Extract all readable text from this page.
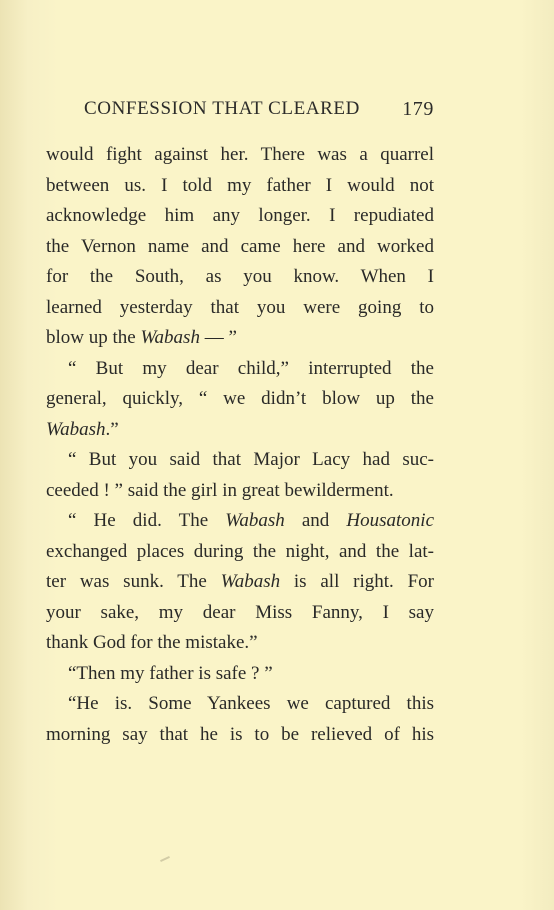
CONFESSION THAT CLEARED 179
would fight against her. There was a quarrel
between us. I told my father I would not
acknowledge him any longer. I repudiated
the Vernon name and came here and worked
for the South, as you know. When I
learned yesterday that you were going to
blow up the Wabash — ”
“ But my dear child,” interrupted the
general, quickly, “ we didn’t blow up the
Wabash.”
“ But you said that Major Lacy had suc-
ceeded ! ” said the girl in great bewilderment.
“ He did. The Wabash and Housatonic
exchanged places during the night, and the lat-
ter was sunk. The Wabash is all right. For
your sake, my dear Miss Fanny, I say
thank God for the mistake.”
“Then my father is safe ? ”
“He is. Some Yankees we captured this
morning say that he is to be relieved of his
